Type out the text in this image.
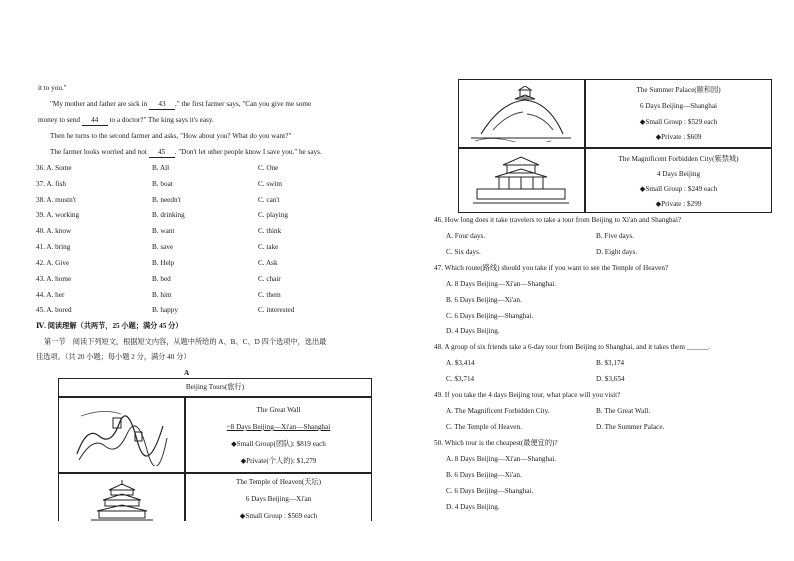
it to you."
"My mother and father are sick in 43 ," the first farmer says, "Can you give me some
money to send 44 to a doctor?" The king says it's easy.
Then he turns to the second farmer and asks, "How about you? What do you want?"
The farmer looks worried and not 45 . "Don't let other people know I save you." he says.
36. A. Some	B. All	C. One
37. A. fish	B. boat	C. swim
38. A. mustn't	B. needn't	C. can't
39. A. working	B. drinking	C. playing
40. A. know	B. want	C. think
41. A. bring	B. save	C. take
42. A. Give	B. Help	C. Ask
43. A. home	B. bed	C. chair
44. A. her	B. him	C. them
45. A. bored	B. happy	C. interested
Ⅳ. 阅读理解（共两节，25 小题；满分 45 分）
第一节　阅读下列短文，根据短文内容，从题中所给的 A、B、C、D 四个选项中，选出最
佳选项。（共 20 小题；每小题 2 分，满分 40 分）
A
Beijing Tours(旅行)
The Great Wall
~8 Days Beijing—Xi'an—Shanghai
◆Small Group(团队): $819 each
◆Private(个人的): $1,279
The Temple of Heaven(天坛)
6 Days Beijing—Xi'an
◆Small Group : $569 each
The Summer Palace(颐和园)
6 Days Beijing—Shanghai
◆Small Group : $529 each
◆Private : $609
The Magnificent Forbidden City(紫禁城)
4 Days Beijing
◆Small Group : $249 each
◆Private : $299
46. How long does it take travelers to take a tour from Beijing to Xi'an and Shanghai?
A. Four days.	B. Five days.
C. Six days.	D. Eight days.
47. Which route(路线) should you take if you want to see the Temple of Heaven?
A. 8 Days Beijing—Xi'an—Shanghai.
B. 6 Days Beijing—Xi'an.
C. 6 Days Beijing—Shanghai.
D. 4 Days Beijing.
48. A group of six friends take a 6-day tour from Beijing to Shanghai, and it takes them ______.
A. $3,414	B. $3,174
C. $3,714	D. $3,654
49. If you take the 4 days Beijing tour, what place will you visit?
A. The Magnificent Forbidden City.	B. The Great Wall.
C. The Temple of Heaven.	D. The Summer Palace.
50. Which tour is the cheapest(最便宜的)?
A. 8 Days Beijing—Xi'an—Shanghai.
B. 6 Days Beijing—Xi'an.
C. 6 Days Beijing—Shanghai.
D. 4 Days Beijing.
